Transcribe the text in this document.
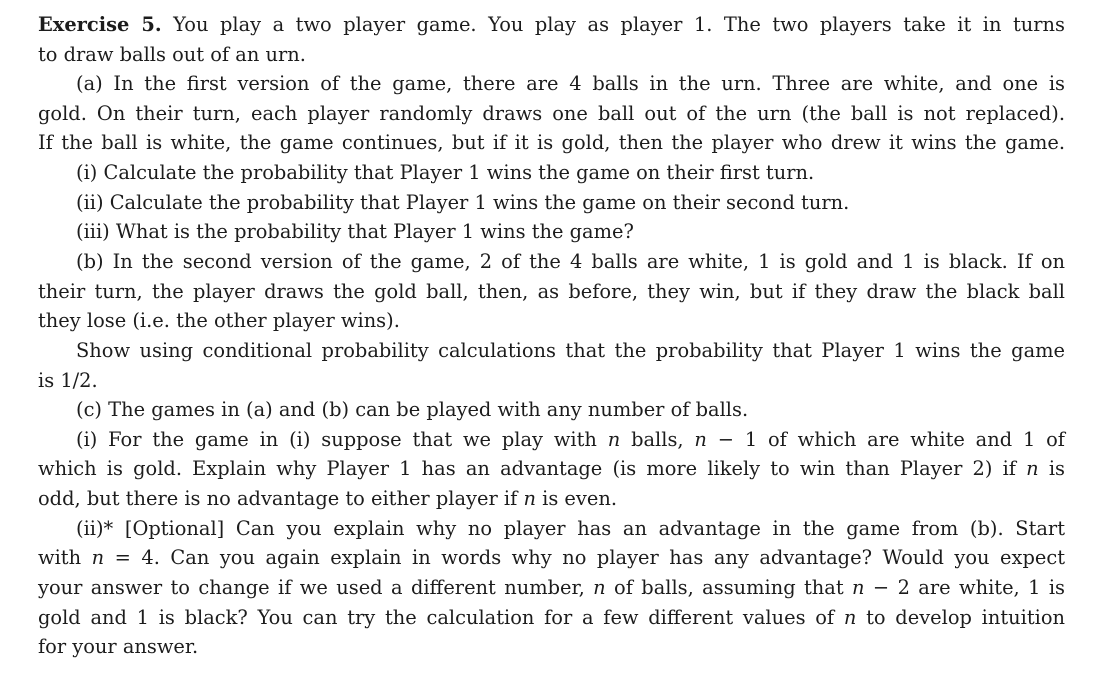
Exercise 5. You play a two player game. You play as player 1. The two players take it in turns
to draw balls out of an urn.
(a) In the first version of the game, there are 4 balls in the urn. Three are white, and one is
gold. On their turn, each player randomly draws one ball out of the urn (the ball is not replaced).
If the ball is white, the game continues, but if it is gold, then the player who drew it wins the game.
(i) Calculate the probability that Player 1 wins the game on their first turn.
(ii) Calculate the probability that Player 1 wins the game on their second turn.
(iii) What is the probability that Player 1 wins the game?
(b) In the second version of the game, 2 of the 4 balls are white, 1 is gold and 1 is black. If on
their turn, the player draws the gold ball, then, as before, they win, but if they draw the black ball
they lose (i.e. the other player wins).
Show using conditional probability calculations that the probability that Player 1 wins the game
is 1/2.
(c) The games in (a) and (b) can be played with any number of balls.
(i) For the game in (i) suppose that we play with n balls, n − 1 of which are white and 1 of
which is gold. Explain why Player 1 has an advantage (is more likely to win than Player 2) if n is
odd, but there is no advantage to either player if n is even.
(ii)* [Optional] Can you explain why no player has an advantage in the game from (b). Start
with n = 4. Can you again explain in words why no player has any advantage? Would you expect
your answer to change if we used a different number, n of balls, assuming that n − 2 are white, 1 is
gold and 1 is black? You can try the calculation for a few different values of n to develop intuition
for your answer.
